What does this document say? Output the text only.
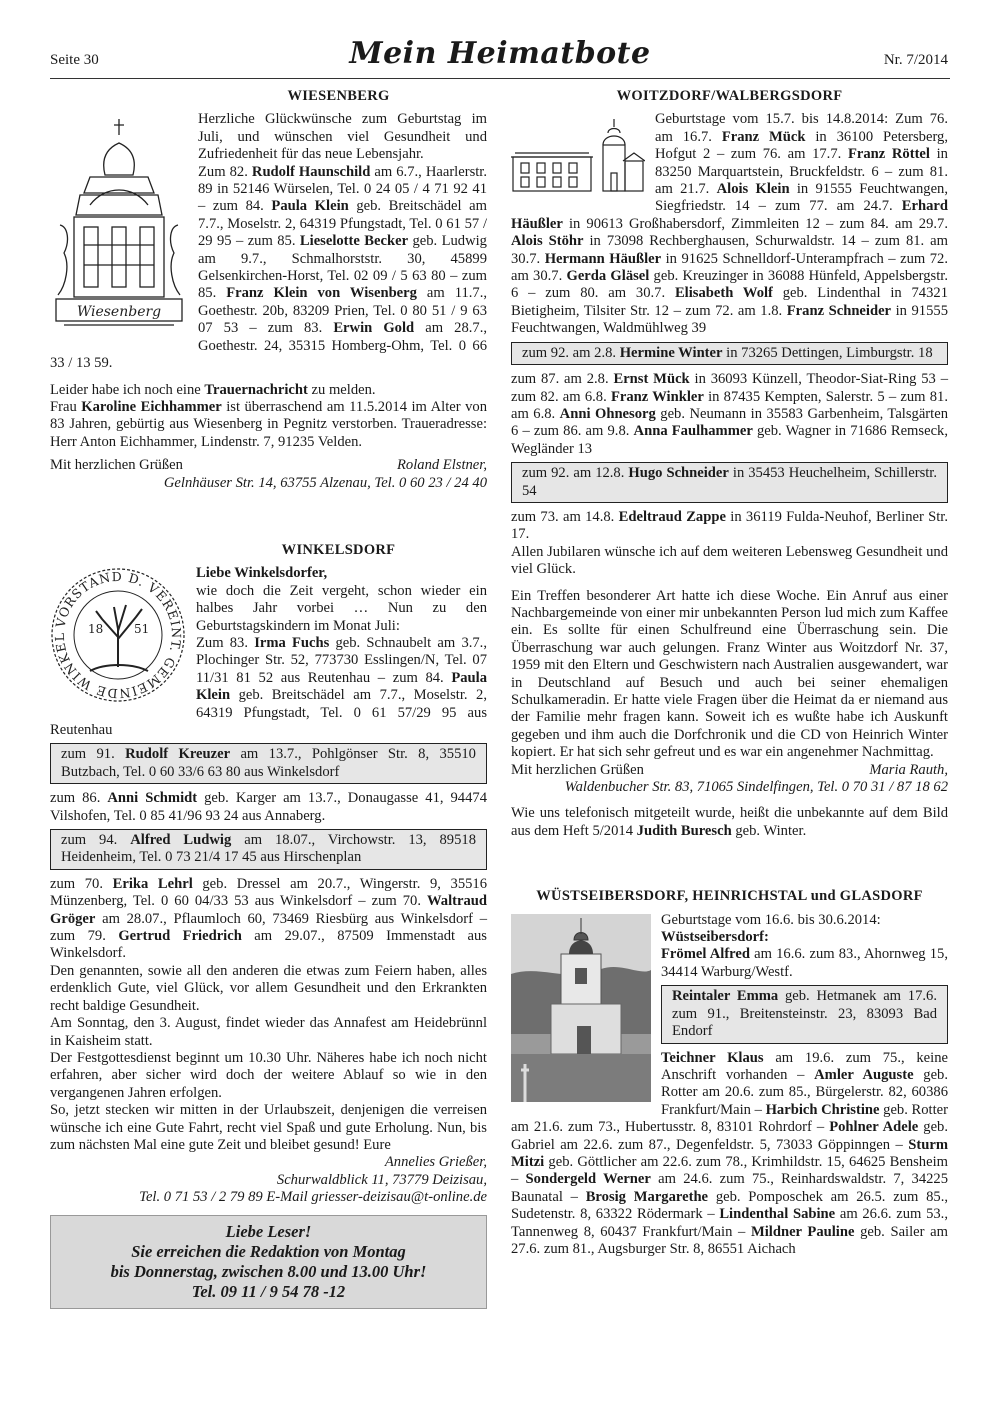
Seite 30	Mein Heimatbote	Nr. 7/2014
WIESENBERG
Wiesenberg

Herzliche Glückwünsche zum Geburtstag im Juli, und wünschen viel Gesundheit und Zufriedenheit für das neue Lebensjahr.

Zum 82. Rudolf Haunschild am 6.7., Haarlerstr. 89 in 52146 Würselen, Tel. 0 24 05 / 4 71 92 41 – zum 84. Paula Klein geb. Breitschädel am 7.7., Moselstr. 2, 64319 Pfungstadt, Tel. 0 61 57 / 29 95 – zum 85. Lieselotte Becker geb. Ludwig am 9.7., Schmalhorststr. 30, 45899 Gelsenkirchen-Horst, Tel. 02 09 / 5 63 80 – zum 85. Franz Klein von Wisenberg am 11.7., Goethestr. 20b, 83209 Prien, Tel. 0 80 51 / 9 63 07 53 – zum 83. Erwin Gold am 28.7., Goethestr. 24, 35315 Homberg-Ohm, Tel. 0 66 33 / 13 59.

Leider habe ich noch eine Trauernachricht zu melden.

Frau Karoline Eichhammer ist überraschend am 11.5.2014 im Alter von 83 Jahren, gebürtig aus Wiesenberg in Pegnitz verstorben. Traueradresse: Herr Anton Eichhammer, Lindenstr. 7, 91235 Velden.

Mit herzlichen Grüßen	Roland Elstner,

Gelnhäuser Str. 14, 63755 Alzenau, Tel. 0 60 23 / 24 40

WINKELSDORF
VORSTAND D. VEREINT. GEMEINDE WINKEL
18	51

Liebe Winkelsdorfer,

wie doch die Zeit vergeht, schon wieder ein halbes Jahr vorbei … Nun zu den Geburtstagskindern im Monat Juli:

Zum 83. Irma Fuchs geb. Schnaubelt am 3.7., Plochinger Str. 52, 773730 Esslingen/N, Tel. 07 11/31 81 52 aus Reutenhau – zum 84. Paula Klein geb. Breitschädel am 7.7., Moselstr. 2, 64319 Pfungstadt, Tel. 0 61 57/29 95 aus Reutenhau

zum 91. Rudolf Kreuzer am 13.7., Pohlgönser Str. 8, 35510 Butzbach, Tel. 0 60 33/6 63 80 aus Winkelsdorf

zum 86. Anni Schmidt geb. Karger am 13.7., Donaugasse 41, 94474 Vilshofen, Tel. 0 85 41/96 93 24 aus Annaberg.

zum 94. Alfred Ludwig am 18.07., Virchowstr. 13, 89518 Heidenheim, Tel. 0 73 21/4 17 45 aus Hirschenplan

zum 70. Erika Lehrl geb. Dressel am 20.7., Wingerstr. 9, 35516 Münzenberg, Tel. 0 60 04/33 53 aus Winkelsdorf – zum 70. Waltraud Gröger am 28.07., Pflaumloch 60, 73469 Riesbürg aus Winkelsdorf – zum 79. Gertrud Friedrich am 29.07., 87509 Immenstadt aus Winkelsdorf.

Den genannten, sowie all den anderen die etwas zum Feiern haben, alles erdenklich Gute, viel Glück, vor allem Gesundheit und den Erkrankten recht baldige Gesundheit.

Am Sonntag, den 3. August, findet wieder das Annafest am Heidebrünnl in Kaisheim statt.

Der Festgottesdienst beginnt um 10.30 Uhr. Näheres habe ich noch nicht erfahren, aber sicher wird doch der weitere Ablauf so wie in den vergangenen Jahren erfolgen.

So, jetzt stecken wir mitten in der Urlaubszeit, denjenigen die verreisen wünsche ich eine Gute Fahrt, recht viel Spaß und gute Erholung. Nun, bis zum nächsten Mal eine gute Zeit und bleibet gesund! Eure

Annelies Grießer,

Schurwaldblick 11, 73779 Deizisau,

Tel. 0 71 53 / 2 79 89 E-Mail griesser-deizisau@t-online.de

Liebe Leser!
Sie erreichen die Redaktion von Montag
bis Donnerstag, zwischen 8.00 und 13.00 Uhr!
Tel. 09 11 / 9 54 78 -12
WOITZDORF/WALBERGSDORF

Geburtstage vom 15.7. bis 14.8.2014: Zum 76. am 16.7. Franz Mück in 36100 Petersberg, Hofgut 2 – zum 76. am 17.7. Franz Röttel in 83250 Marquartstein, Bruckfeldstr. 6 – zum 81. am 21.7. Alois Klein in 91555 Feuchtwangen, Siegfriedstr. 14 – zum 77. am 24.7. Erhard Häußler in 90613 Großhabersdorf, Zimmleiten 12 – zum 84. am 29.7. Alois Stöhr in 73098 Rechberghausen, Schurwaldstr. 14 – zum 81. am 30.7. Hermann Häußler in 91625 Schnelldorf-Unterampfrach – zum 72. am 30.7. Gerda Gläsel geb. Kreuzinger in 36088 Hünfeld, Appelsbergstr. 6 – zum 80. am 30.7. Elisabeth Wolf geb. Lindenthal in 74321 Bietigheim, Tilsiter Str. 12 – zum 72. am 1.8. Franz Schneider in 91555 Feuchtwangen, Waldmühlweg 39

zum 92. am 2.8. Hermine Winter in 73265 Dettingen, Limburgstr. 18

zum 87. am 2.8. Ernst Mück in 36093 Künzell, Theodor-Siat-Ring 53 – zum 82. am 6.8. Franz Winkler in 87435 Kempten, Salerstr. 5 – zum 81. am 6.8. Anni Ohnesorg geb. Neumann in 35583 Garbenheim, Talsgärten 6 – zum 86. am 9.8. Anna Faulhammer geb. Wagner in 71686 Remseck, Wegländer 13

zum 92. am 12.8. Hugo Schneider in 35453 Heuchelheim, Schillerstr. 54

zum 73. am 14.8. Edeltraud Zappe in 36119 Fulda-Neuhof, Berliner Str. 17.

Allen Jubilaren wünsche ich auf dem weiteren Lebensweg Gesundheit und viel Glück.

Ein Treffen besonderer Art hatte ich diese Woche. Ein Anruf aus einer Nachbargemeinde von einer mir unbekannten Person lud mich zum Kaffee ein. Es sollte für einen Schulfreund eine Überraschung sein. Die Überraschung war auch gelungen. Franz Winter aus Woitzdorf Nr. 37, 1959 mit den Eltern und Geschwistern nach Australien ausgewandert, war in Deutschland auf Besuch und auch bei seiner ehemaligen Schulkameradin. Er hatte viele Fragen über die Heimat da er niemand aus der Familie mehr fragen kann. Soweit ich es wußte habe ich Auskunft gegeben und ihm auch die Dorfchronik und die CD von Heinrich Winter kopiert. Er hat sich sehr gefreut und es war ein angenehmer Nachmittag.

Mit herzlichen Grüßen	Maria Rauth,

Waldenbucher Str. 83, 71065 Sindelfingen, Tel. 0 70 31 / 87 18 62

Wie uns telefonisch mitgeteilt wurde, heißt die unbekannte auf dem Bild aus dem Heft 5/2014 Judith Buresch geb. Winter.

WÜSTSEIBERSDORF, HEINRICHSTAL und GLASDORF

Geburtstage vom 16.6. bis 30.6.2014:

Wüstseibersdorf:

Frömel Alfred am 16.6. zum 83., Ahornweg 15, 34414 Warburg/Westf.

Reintaler Emma geb. Hetmanek am 17.6. zum 91., Breitensteinstr. 23, 83093 Bad Endorf

Teichner Klaus am 19.6. zum 75., keine Anschrift vorhanden – Amler Auguste geb. Rotter am 20.6. zum 85., Bürgelerstr. 82, 60386 Frankfurt/Main – Harbich Christine geb. Rotter am 21.6. zum 73., Hubertusstr. 8, 83101 Rohrdorf – Pohlner Adele geb. Gabriel am 22.6. zum 87., Degenfeldstr. 5, 73033 Göppinngen – Sturm Mitzi geb. Göttlicher am 22.6. zum 78., Krimhildstr. 15, 64625 Bensheim – Sondergeld Werner am 24.6. zum 75., Reinhardswaldstr. 7, 34225 Baunatal – Brosig Margarethe geb. Pomposchek am 26.5. zum 85., Sudetenstr. 8, 63322 Rödermark – Lindenthal Sabine am 26.6. zum 53., Tannenweg 8, 60437 Frankfurt/Main – Mildner Pauline geb. Sailer am 27.6. zum 81., Augsburger Str. 8, 86551 Aichach
